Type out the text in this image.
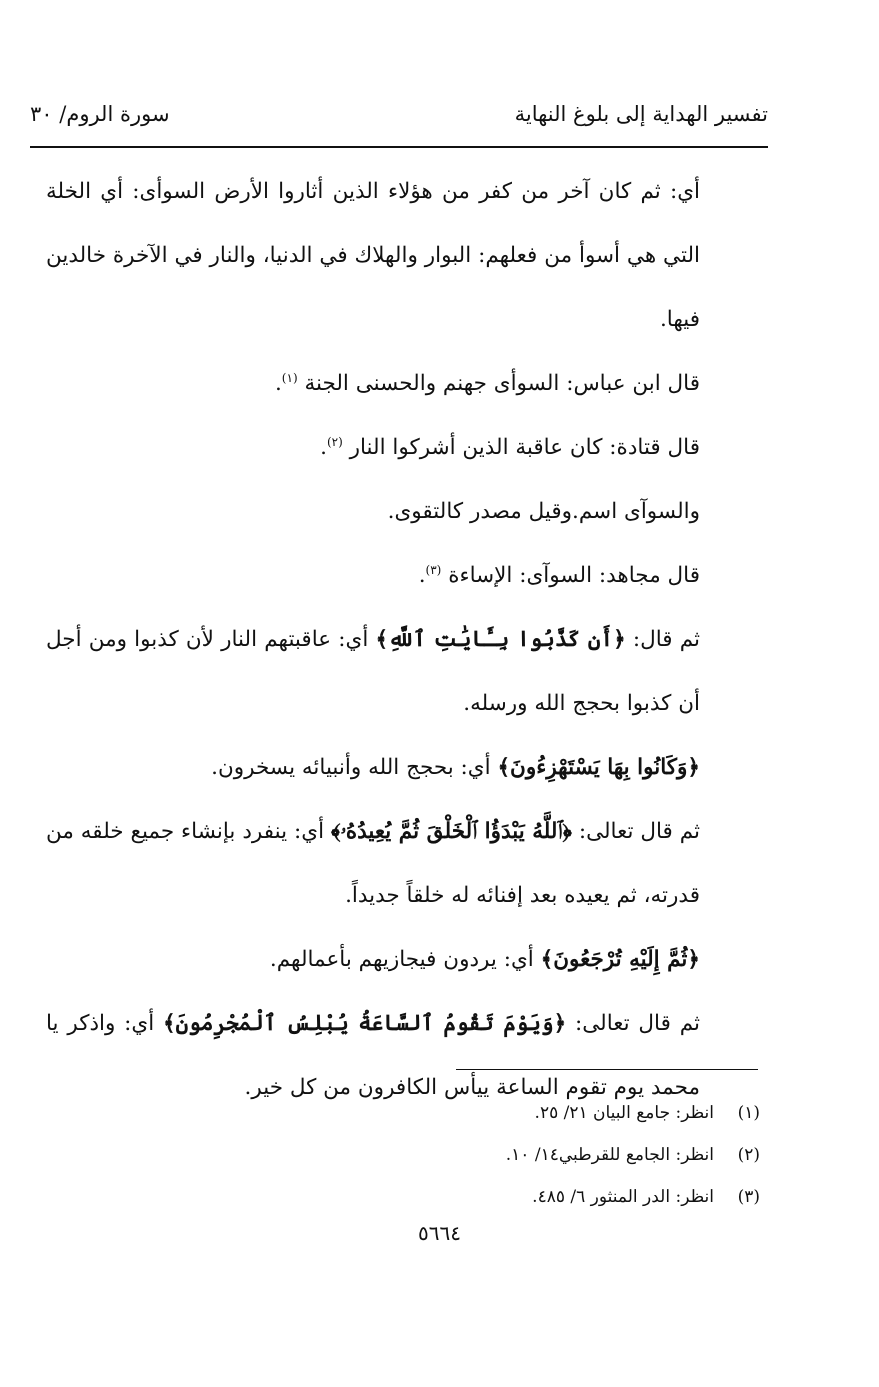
تفسير الهداية إلى بلوغ النهاية
سورة الروم/ ٣٠

أي: ثم كان آخر من كفر من هؤلاء الذين أثاروا الأرض السوأى: أي الخلة التي هي أسوأ من فعلهم: البوار والهلاك في الدنيا، والنار في الآخرة خالدين فيها.

قال ابن عباس: السوأى جهنم والحسنى الجنة $^{(١)}$.

قال قتادة: كان عاقبة الذين أشركوا النار $^{(٢)}$.

والسوآى اسم.وقيل مصدر كالتقوى.

قال مجاهد: السوآى: الإساءة $^{(٣)}$.

ثم قال: ﴿أَن كَذَّبُوا بِـَٔايَٰتِ ٱللَّهِ﴾ أي: عاقبتهم النار لأن كذبوا ومن أجل أن كذبوا بحجج الله ورسله.

﴿وَكَانُوا بِهَا يَسْتَهْزِءُونَ﴾ أي: بحجج الله وأنبيائه يسخرون.

ثم قال تعالى: ﴿ٱللَّهُ يَبْدَؤُا ٱلْخَلْقَ ثُمَّ يُعِيدُهُۥ﴾ أي: ينفرد بإنشاء جميع خلقه من قدرته، ثم يعيده بعد إفنائه له خلقاً جديداً.

﴿ثُمَّ إِلَيْهِ تُرْجَعُونَ﴾ أي: يردون فيجازيهم بأعمالهم.

ثم قال تعالى: ﴿وَيَوْمَ تَقُومُ ٱلسَّاعَةُ يُبْلِسُ ٱلْمُجْرِمُونَ﴾ أي: واذكر يا محمد يوم تقوم الساعة ييأس الكافرون من كل خير.

(١)انظر: جامع البيان ٢١/ ٢٥.
(٢)انظر: الجامع للقرطبي١٤/ ١٠.
(٣)انظر: الدر المنثور ٦/ ٤٨٥.
٥٦٦٤
